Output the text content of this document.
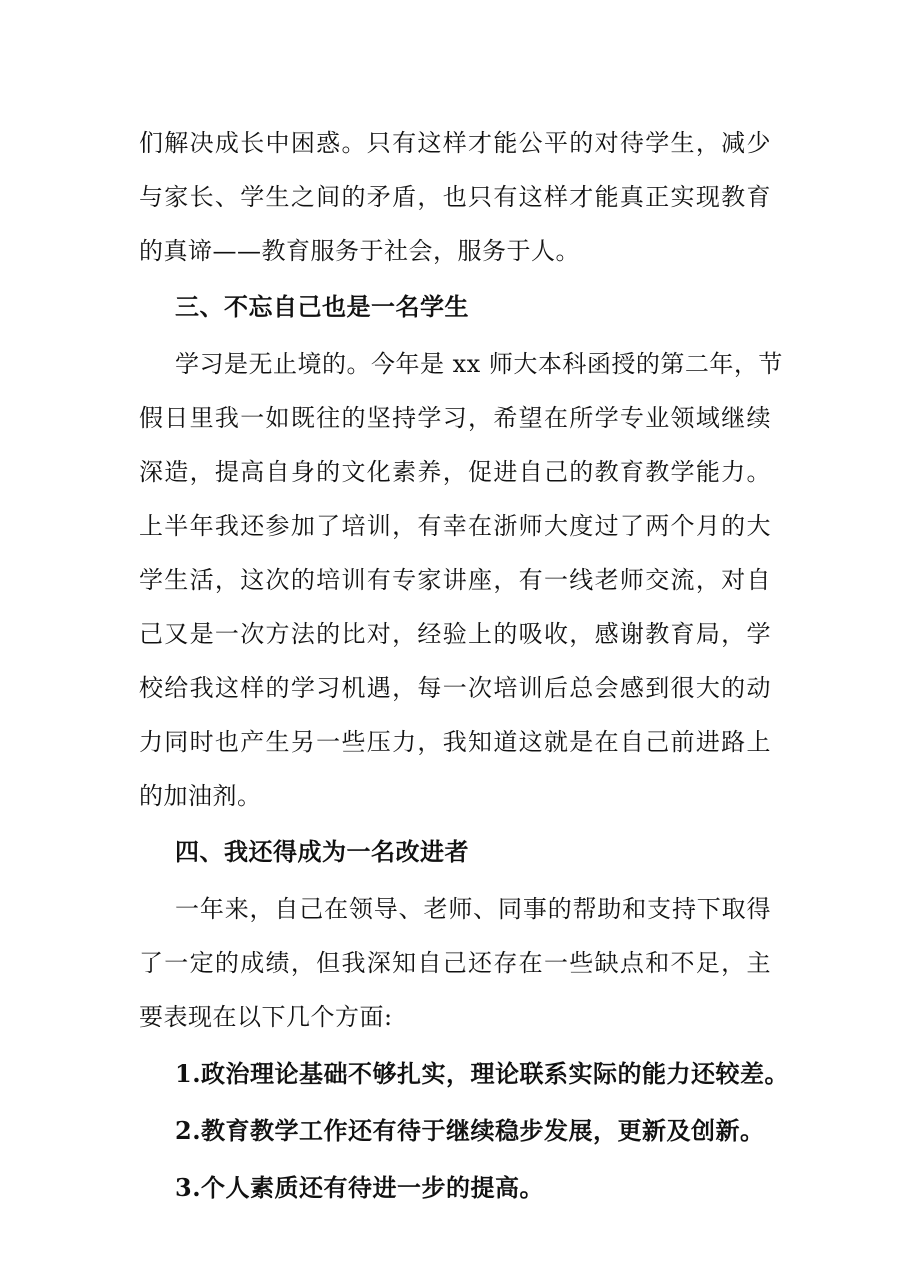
们解决成长中困惑。只有这样才能公平的对待学生，减少
与家长、学生之间的矛盾，也只有这样才能真正实现教育
的真谛——教育服务于社会，服务于人。
三、不忘自己也是一名学生
学习是无止境的。今年是 xx 师大本科函授的第二年，节
假日里我一如既往的坚持学习，希望在所学专业领域继续
深造，提高自身的文化素养，促进自己的教育教学能力。
上半年我还参加了培训，有幸在浙师大度过了两个月的大
学生活，这次的培训有专家讲座，有一线老师交流，对自
己又是一次方法的比对，经验上的吸收，感谢教育局，学
校给我这样的学习机遇，每一次培训后总会感到很大的动
力同时也产生另一些压力，我知道这就是在自己前进路上
的加油剂。
四、我还得成为一名改进者
一年来，自己在领导、老师、同事的帮助和支持下取得
了一定的成绩，但我深知自己还存在一些缺点和不足，主
要表现在以下几个方面:
1.政治理论基础不够扎实，理论联系实际的能力还较差。
2.教育教学工作还有待于继续稳步发展，更新及创新。
3.个人素质还有待进一步的提高。
